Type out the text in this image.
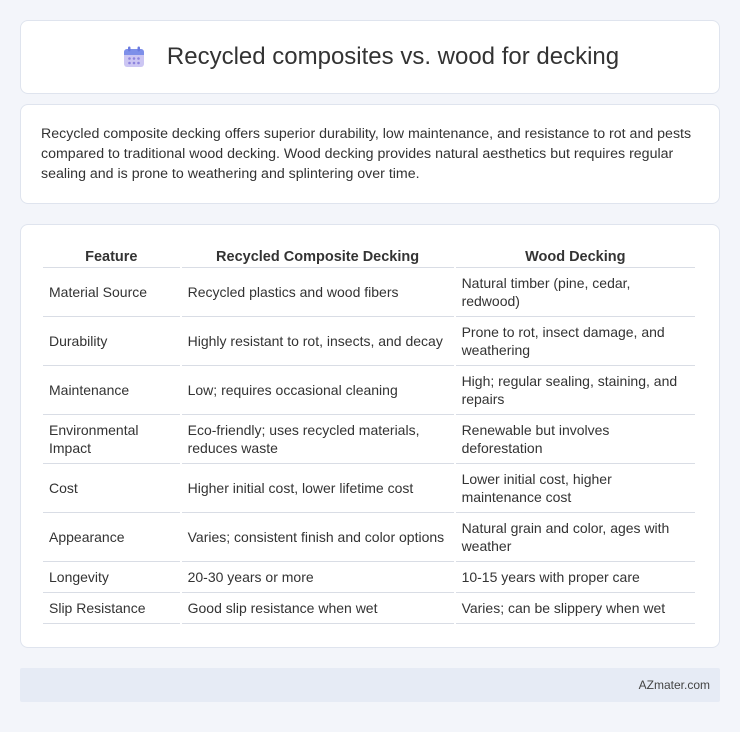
Recycled composites vs. wood for decking

Recycled composite decking offers superior durability, low maintenance, and resistance to rot and pests compared to traditional wood decking. Wood decking provides natural aesthetics but requires regular sealing and is prone to weathering and splintering over time.

Feature	Recycled Composite Decking	Wood Decking
Material Source	Recycled plastics and wood fibers	Natural timber (pine, cedar, redwood)
Durability	Highly resistant to rot, insects, and decay	Prone to rot, insect damage, and weathering
Maintenance	Low; requires occasional cleaning	High; regular sealing, staining, and repairs
Environmental Impact	Eco-friendly; uses recycled materials, reduces waste	Renewable but involves deforestation
Cost	Higher initial cost, lower lifetime cost	Lower initial cost, higher maintenance cost
Appearance	Varies; consistent finish and color options	Natural grain and color, ages with weather
Longevity	20-30 years or more	10-15 years with proper care
Slip Resistance	Good slip resistance when wet	Varies; can be slippery when wet
AZmater.com
